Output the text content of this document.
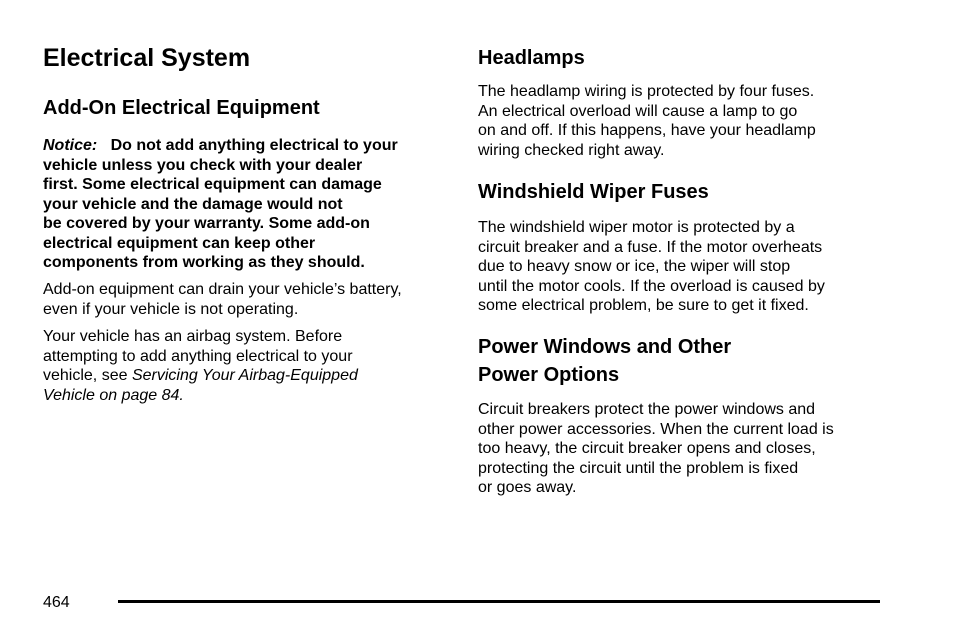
Electrical System
Add-On Electrical Equipment
Notice: Do not add anything electrical to your
vehicle unless you check with your dealer
first. Some electrical equipment can damage
your vehicle and the damage would not
be covered by your warranty. Some add-on
electrical equipment can keep other
components from working as they should.
Add-on equipment can drain your vehicle’s battery,
even if your vehicle is not operating.
Your vehicle has an airbag system. Before
attempting to add anything electrical to your
vehicle, see Servicing Your Airbag-Equipped
Vehicle on page 84.
Headlamps
The headlamp wiring is protected by four fuses.
An electrical overload will cause a lamp to go
on and off. If this happens, have your headlamp
wiring checked right away.
Windshield Wiper Fuses
The windshield wiper motor is protected by a
circuit breaker and a fuse. If the motor overheats
due to heavy snow or ice, the wiper will stop
until the motor cools. If the overload is caused by
some electrical problem, be sure to get it fixed.
Power Windows and Other
Power Options
Circuit breakers protect the power windows and
other power accessories. When the current load is
too heavy, the circuit breaker opens and closes,
protecting the circuit until the problem is fixed
or goes away.

464
